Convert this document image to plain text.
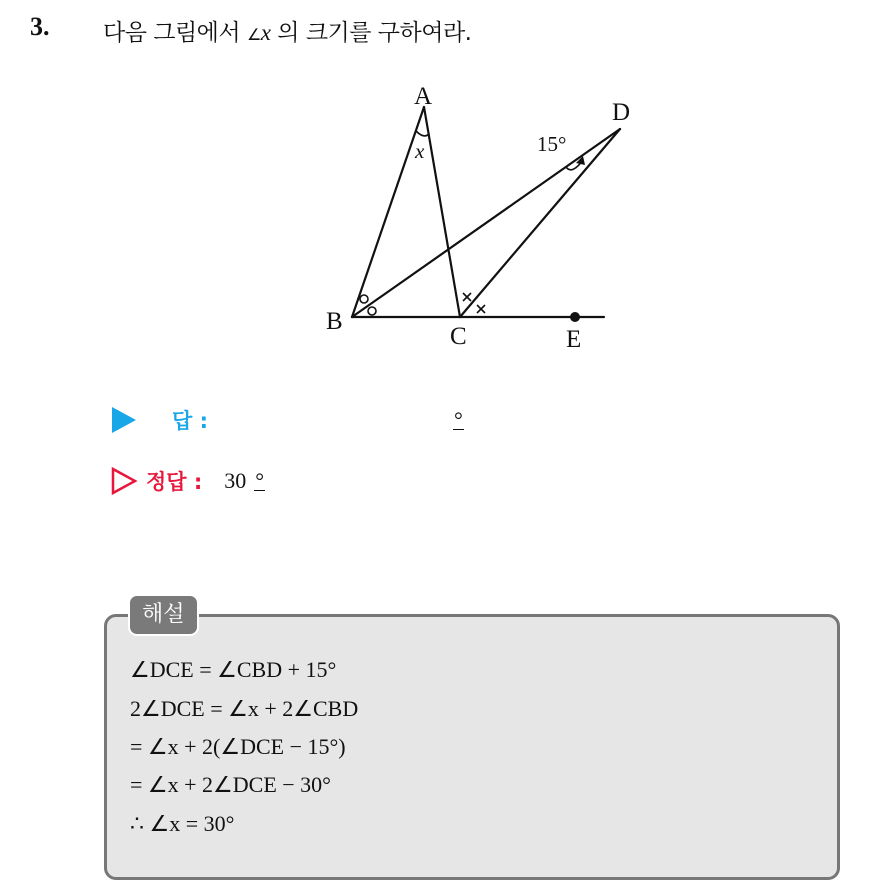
3. 다음 그림에서 ∠x 의 크기를 구하여라.
A
B
C
D
E
x	15°
답 :	°
정답 : 30 °
해설
∠DCE = ∠CBD + 15°
2∠DCE = ∠x + 2∠CBD
= ∠x + 2(∠DCE − 15°)
= ∠x + 2∠DCE − 30°
∴ ∠x = 30°
